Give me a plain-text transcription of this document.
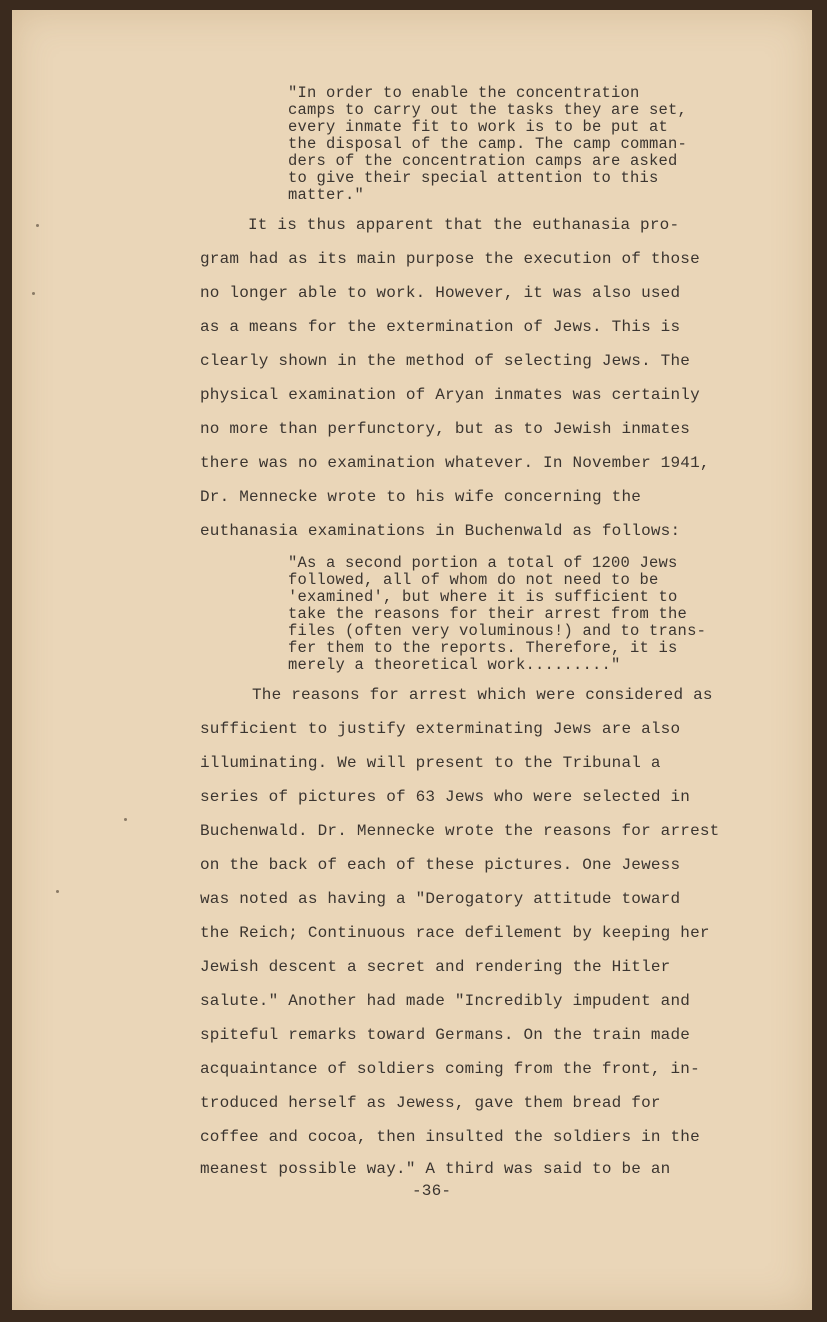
"In order to enable the concentration
camps to carry out the tasks they are set,
every inmate fit to work is to be put at
the disposal of the camp. The camp comman-
ders of the concentration camps are asked
to give their special attention to this
matter."
It is thus apparent that the euthanasia pro-
gram had as its main purpose the execution of those
no longer able to work. However, it was also used
as a means for the extermination of Jews. This is
clearly shown in the method of selecting Jews. The
physical examination of Aryan inmates was certainly
no more than perfunctory, but as to Jewish inmates
there was no examination whatever. In November 1941,
Dr. Mennecke wrote to his wife concerning the
euthanasia examinations in Buchenwald as follows:
"As a second portion a total of 1200 Jews
followed, all of whom do not need to be
'examined', but where it is sufficient to
take the reasons for their arrest from the
files (often very voluminous!) and to trans-
fer them to the reports. Therefore, it is
merely a theoretical work........."
The reasons for arrest which were considered as
sufficient to justify exterminating Jews are also
illuminating. We will present to the Tribunal a
series of pictures of 63 Jews who were selected in
Buchenwald. Dr. Mennecke wrote the reasons for arrest
on the back of each of these pictures. One Jewess
was noted as having a "Derogatory attitude toward
the Reich; Continuous race defilement by keeping her
Jewish descent a secret and rendering the Hitler
salute." Another had made "Incredibly impudent and
spiteful remarks toward Germans. On the train made
acquaintance of soldiers coming from the front, in-
troduced herself as Jewess, gave them bread for
coffee and cocoa, then insulted the soldiers in the
meanest possible way." A third was said to be an
-36-
